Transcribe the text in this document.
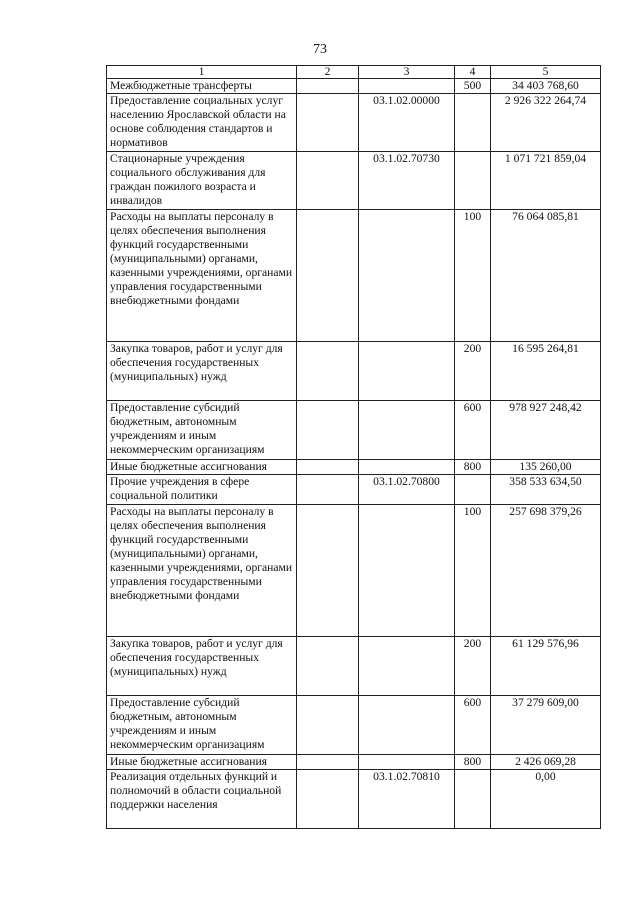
73
1	2	3	4	5
Межбюджетные трансферты			500	34 403 768,60
Предоставление социальных услуг населению Ярославской области на основе соблюдения стандартов и нормативов		03.1.02.00000		2 926 322 264,74
Стационарные учреждения социального обслуживания для граждан пожилого возраста и инвалидов		03.1.02.70730		1 071 721 859,04
Расходы на выплаты персоналу в целях обеспечения выполнения функций государственными (муниципальными) органами, казенными учреждениями, органами управления государственными внебюджетными фондами			100	76 064 085,81
Закупка товаров, работ и услуг для обеспечения государственных (муниципальных) нужд			200	16 595 264,81
Предоставление субсидий бюджетным, автономным учреждениям и иным некоммерческим организациям			600	978 927 248,42
Иные бюджетные ассигнования			800	135 260,00
Прочие учреждения в сфере социальной политики		03.1.02.70800		358 533 634,50
Расходы на выплаты персоналу в целях обеспечения выполнения функций государственными (муниципальными) органами, казенными учреждениями, органами управления государственными внебюджетными фондами			100	257 698 379,26
Закупка товаров, работ и услуг для обеспечения государственных (муниципальных) нужд			200	61 129 576,96
Предоставление субсидий бюджетным, автономным учреждениям и иным некоммерческим организациям			600	37 279 609,00
Иные бюджетные ассигнования			800	2 426 069,28
Реализация отдельных функций и полномочий в области социальной поддержки населения		03.1.02.70810		0,00
